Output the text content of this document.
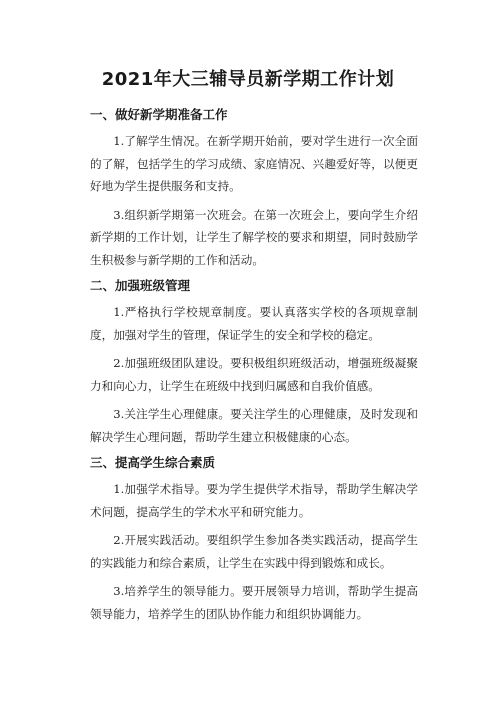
2021年大三辅导员新学期工作计划
一、做好新学期准备工作

1.了解学生情况。在新学期开始前，要对学生进行一次全面的了解，包括学生的学习成绩、家庭情况、兴趣爱好等，以便更好地为学生提供服务和支持。

3.组织新学期第一次班会。在第一次班会上，要向学生介绍新学期的工作计划，让学生了解学校的要求和期望，同时鼓励学生积极参与新学期的工作和活动。

二、加强班级管理

1.严格执行学校规章制度。要认真落实学校的各项规章制度，加强对学生的管理，保证学生的安全和学校的稳定。

2.加强班级团队建设。要积极组织班级活动，增强班级凝聚力和向心力，让学生在班级中找到归属感和自我价值感。

3.关注学生心理健康。要关注学生的心理健康，及时发现和解决学生心理问题，帮助学生建立积极健康的心态。

三、提高学生综合素质

1.加强学术指导。要为学生提供学术指导，帮助学生解决学术问题，提高学生的学术水平和研究能力。

2.开展实践活动。要组织学生参加各类实践活动，提高学生的实践能力和综合素质，让学生在实践中得到锻炼和成长。

3.培养学生的领导能力。要开展领导力培训，帮助学生提高领导能力，培养学生的团队协作能力和组织协调能力。
